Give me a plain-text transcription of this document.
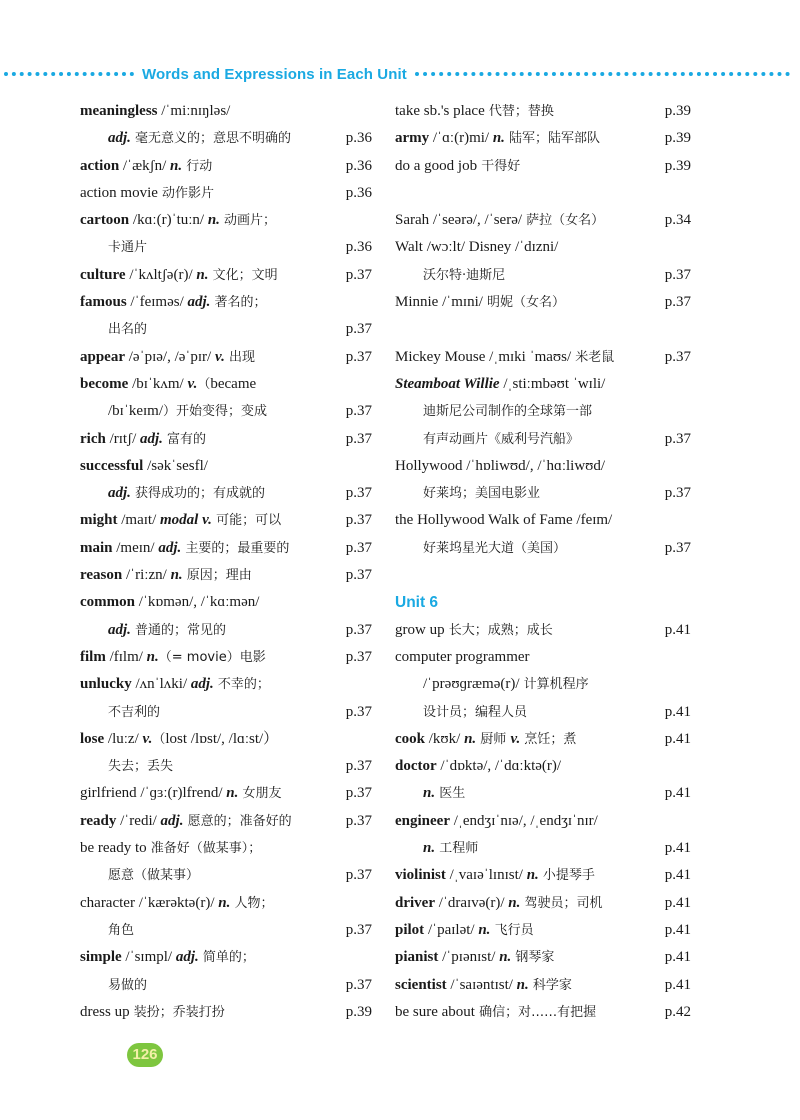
Words and Expressions in Each Unit
meaningless /ˈmiːnɪŋləs/
adj. 毫无意义的；意思不明确的	p.36
action /ˈækʃn/ n. 行动	p.36
action movie 动作影片	p.36
cartoon /kɑː(r)ˈtuːn/ n. 动画片；
卡通片	p.36
culture /ˈkʌltʃə(r)/ n. 文化；文明	p.37
famous /ˈfeɪməs/ adj. 著名的；
出名的	p.37
appear /əˈpɪə/, /əˈpɪr/ v. 出现	p.37
become /bɪˈkʌm/ v.（became
/bɪˈkeɪm/）开始变得；变成	p.37
rich /rɪtʃ/ adj. 富有的	p.37
successful /səkˈsesfl/
adj. 获得成功的；有成就的	p.37
might /maɪt/ modal v. 可能；可以	p.37
main /meɪn/ adj. 主要的；最重要的	p.37
reason /ˈriːzn/ n. 原因；理由	p.37
common /ˈkɒmən/, /ˈkɑːmən/
adj. 普通的；常见的	p.37
film /fɪlm/ n.（= movie）电影	p.37
unlucky /ʌnˈlʌki/ adj. 不幸的；
不吉利的	p.37
lose /luːz/ v.（lost /lɒst/, /lɑːst/）
失去；丢失	p.37
girlfriend /ˈɡɜː(r)lfrend/ n. 女朋友	p.37
ready /ˈredi/ adj. 愿意的；准备好的	p.37
be ready to 准备好（做某事）；
愿意（做某事）	p.37
character /ˈkærəktə(r)/ n. 人物；
角色	p.37
simple /ˈsɪmpl/ adj. 简单的；
易做的	p.37
dress up 装扮；乔装打扮	p.39
take sb.'s place 代替；替换	p.39
army /ˈɑː(r)mi/ n. 陆军；陆军部队	p.39
do a good job 干得好	p.39
Sarah /ˈseərə/, /ˈserə/ 萨拉（女名）	p.34
Walt /wɔːlt/ Disney /ˈdɪzni/
沃尔特·迪斯尼	p.37
Minnie /ˈmɪni/ 明妮（女名）	p.37
Mickey Mouse /ˌmɪki ˈmaʊs/ 米老鼠	p.37
Steamboat Willie /ˌstiːmbəʊt ˈwɪli/
迪斯尼公司制作的全球第一部
有声动画片《威利号汽船》	p.37
Hollywood /ˈhɒliwʊd/, /ˈhɑːliwʊd/
好莱坞；美国电影业	p.37
the Hollywood Walk of Fame /feɪm/
好莱坞星光大道（美国）	p.37
Unit 6
grow up 长大；成熟；成长	p.41
computer programmer
/ˈprəʊɡræmə(r)/ 计算机程序
设计员；编程人员	p.41
cook /kʊk/ n. 厨师 v. 烹饪；煮	p.41
doctor /ˈdɒktə/, /ˈdɑːktə(r)/
n. 医生	p.41
engineer /ˌendʒɪˈnɪə/, /ˌendʒɪˈnɪr/
n. 工程师	p.41
violinist /ˌvaɪəˈlɪnɪst/ n. 小提琴手	p.41
driver /ˈdraɪvə(r)/ n. 驾驶员；司机	p.41
pilot /ˈpaɪlət/ n. 飞行员	p.41
pianist /ˈpɪənɪst/ n. 钢琴家	p.41
scientist /ˈsaɪəntɪst/ n. 科学家	p.41
be sure about 确信；对……有把握	p.42
126
